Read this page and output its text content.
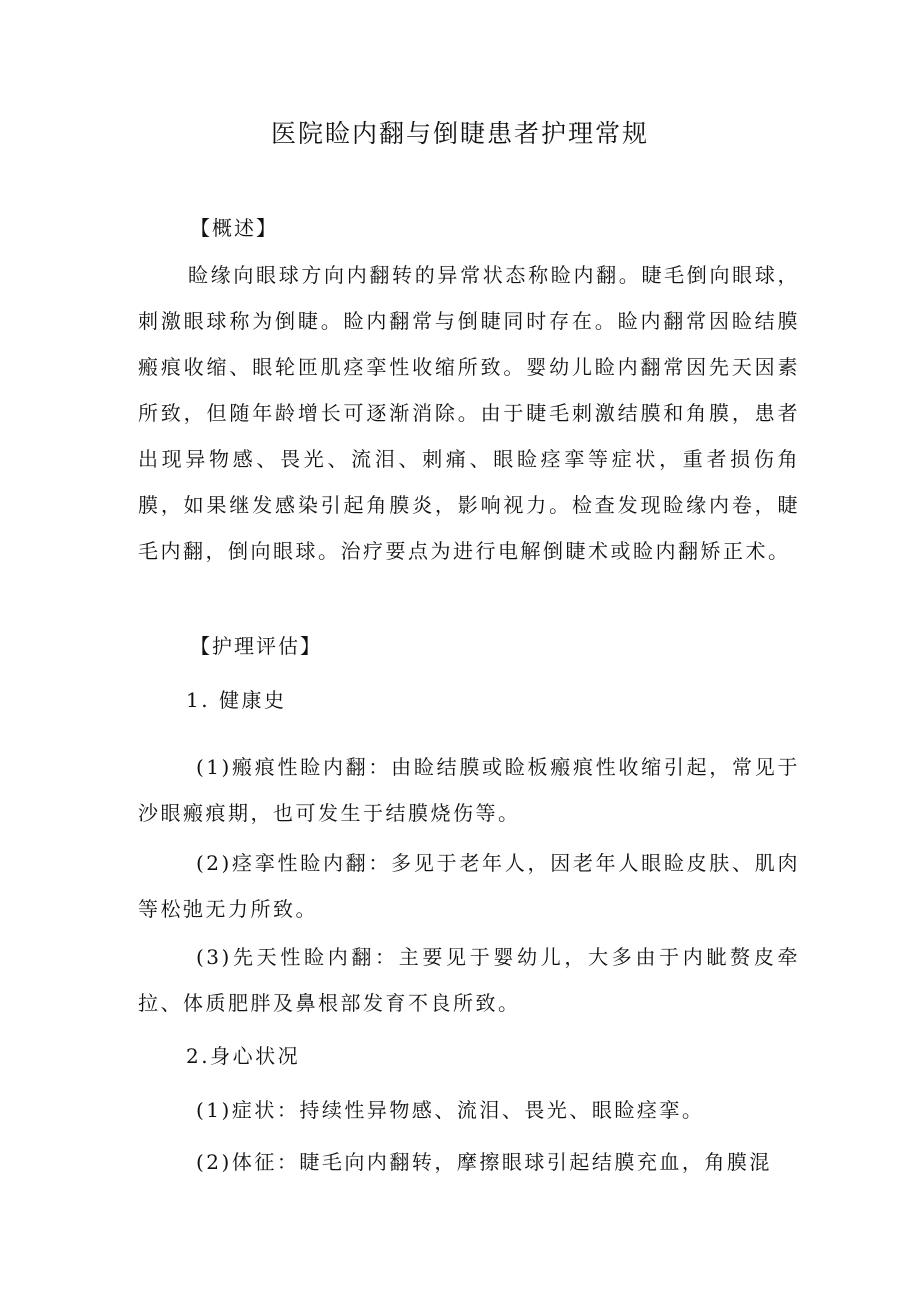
医院睑内翻与倒睫患者护理常规

【概述】

睑缘向眼球方向内翻转的异常状态称睑内翻。睫毛倒向眼球，刺激眼球称为倒睫。睑内翻常与倒睫同时存在。睑内翻常因睑结膜瘢痕收缩、眼轮匝肌痉挛性收缩所致。婴幼儿睑内翻常因先天因素所致，但随年龄增长可逐渐消除。由于睫毛刺激结膜和角膜，患者出现异物感、畏光、流泪、刺痛、眼睑痉挛等症状，重者损伤角膜，如果继发感染引起角膜炎，影响视力。检查发现睑缘内卷，睫毛内翻，倒向眼球。治疗要点为进行电解倒睫术或睑内翻矫正术。

【护理评估】

1. 健康史

(1)瘢痕性睑内翻：由睑结膜或睑板瘢痕性收缩引起，常见于沙眼瘢痕期，也可发生于结膜烧伤等。

(2)痉挛性睑内翻：多见于老年人，因老年人眼睑皮肤、肌肉等松弛无力所致。

(3)先天性睑内翻：主要见于婴幼儿，大多由于内眦赘皮牵拉、体质肥胖及鼻根部发育不良所致。

2.身心状况

(1)症状：持续性异物感、流泪、畏光、眼睑痉挛。

(2)体征：睫毛向内翻转，摩擦眼球引起结膜充血，角膜混
